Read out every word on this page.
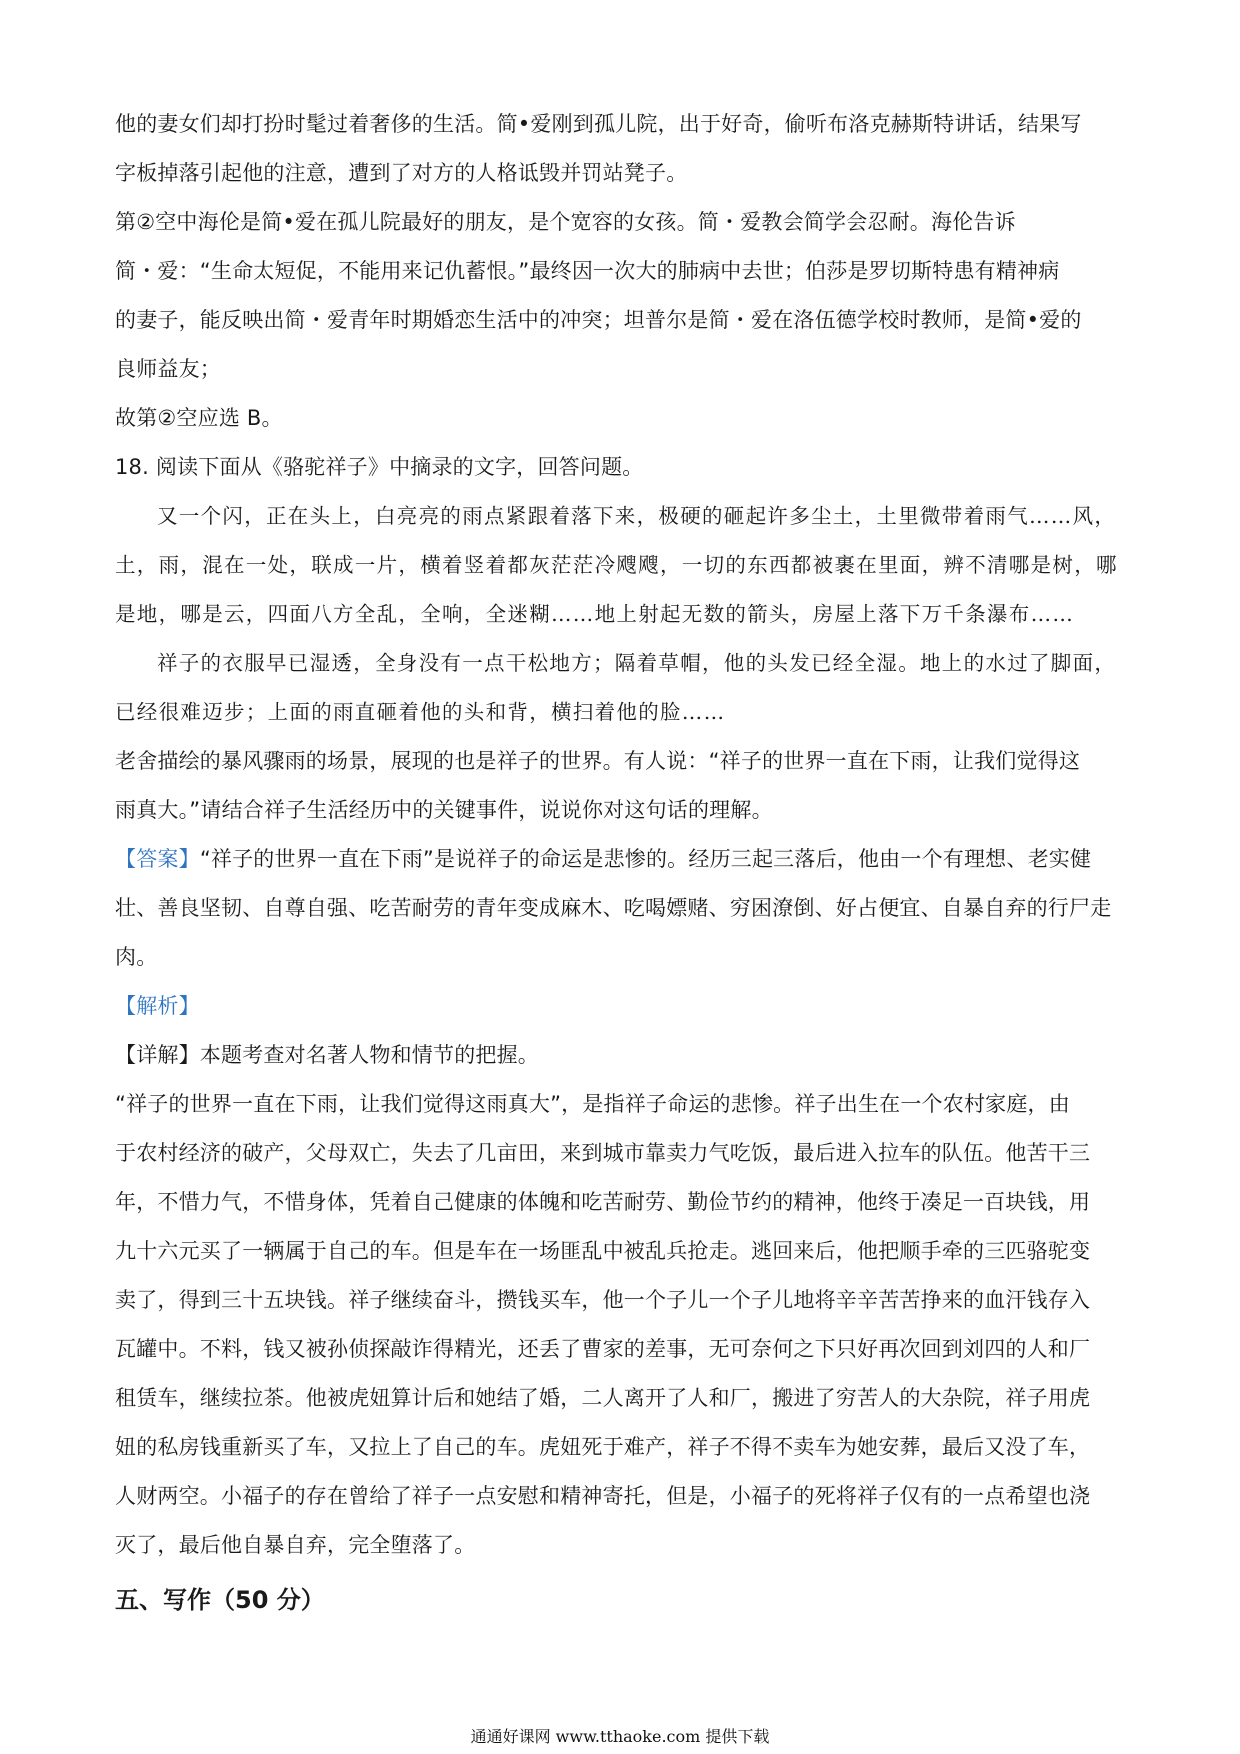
他的妻女们却打扮时髦过着奢侈的生活。简•爱刚到孤儿院，出于好奇，偷听布洛克赫斯特讲话，结果写
字板掉落引起他的注意，遭到了对方的人格诋毁并罚站凳子。

第②空中海伦是简•爱在孤儿院最好的朋友，是个宽容的女孩。简・爱教会简学会忍耐。海伦告诉
简・爱：“生命太短促，不能用来记仇蓄恨。”最终因一次大的肺病中去世；伯莎是罗切斯特患有精神病
的妻子，能反映出简・爱青年时期婚恋生活中的冲突；坦普尔是简・爱在洛伍德学校时教师，是简•爱的
良师益友；

故第②空应选 B。

18. 阅读下面从《骆驼祥子》中摘录的文字，回答问题。

又一个闪，正在头上，白亮亮的雨点紧跟着落下来，极硬的砸起许多尘土，土里微带着雨气……风，
土，雨，混在一处，联成一片，横着竖着都灰茫茫冷飕飕，一切的东西都被裹在里面，辨不清哪是树，哪
是地，哪是云，四面八方全乱，全响，全迷糊……地上射起无数的箭头，房屋上落下万千条瀑布……

祥子的衣服早已湿透，全身没有一点干松地方；隔着草帽，他的头发已经全湿。地上的水过了脚面，
已经很难迈步；上面的雨直砸着他的头和背，横扫着他的脸……

老舍描绘的暴风骤雨的场景，展现的也是祥子的世界。有人说：“祥子的世界一直在下雨，让我们觉得这
雨真大。”请结合祥子生活经历中的关键事件，说说你对这句话的理解。

【答案】“祥子的世界一直在下雨”是说祥子的命运是悲惨的。经历三起三落后，他由一个有理想、老实健
壮、善良坚韧、自尊自强、吃苦耐劳的青年变成麻木、吃喝嫖赌、穷困潦倒、好占便宜、自暴自弃的行尸走
肉。

【解析】

【详解】本题考查对名著人物和情节的把握。

“祥子的世界一直在下雨，让我们觉得这雨真大”，是指祥子命运的悲惨。祥子出生在一个农村家庭，由
于农村经济的破产，父母双亡，失去了几亩田，来到城市靠卖力气吃饭，最后进入拉车的队伍。他苦干三
年，不惜力气，不惜身体，凭着自己健康的体魄和吃苦耐劳、勤俭节约的精神，他终于凑足一百块钱，用
九十六元买了一辆属于自己的车。但是车在一场匪乱中被乱兵抢走。逃回来后，他把顺手牵的三匹骆驼变
卖了，得到三十五块钱。祥子继续奋斗，攒钱买车，他一个子儿一个子儿地将辛辛苦苦挣来的血汗钱存入
瓦罐中。不料，钱又被孙侦探敲诈得精光，还丢了曹家的差事，无可奈何之下只好再次回到刘四的人和厂
租赁车，继续拉茶。他被虎妞算计后和她结了婚，二人离开了人和厂，搬进了穷苦人的大杂院，祥子用虎
妞的私房钱重新买了车，又拉上了自己的车。虎妞死于难产，祥子不得不卖车为她安葬，最后又没了车，
人财两空。小福子的存在曾给了祥子一点安慰和精神寄托，但是，小福子的死将祥子仅有的一点希望也浇
灭了，最后他自暴自弃，完全堕落了。

五、写作（50 分）
通通好课网 www.tthaoke.com 提供下载
